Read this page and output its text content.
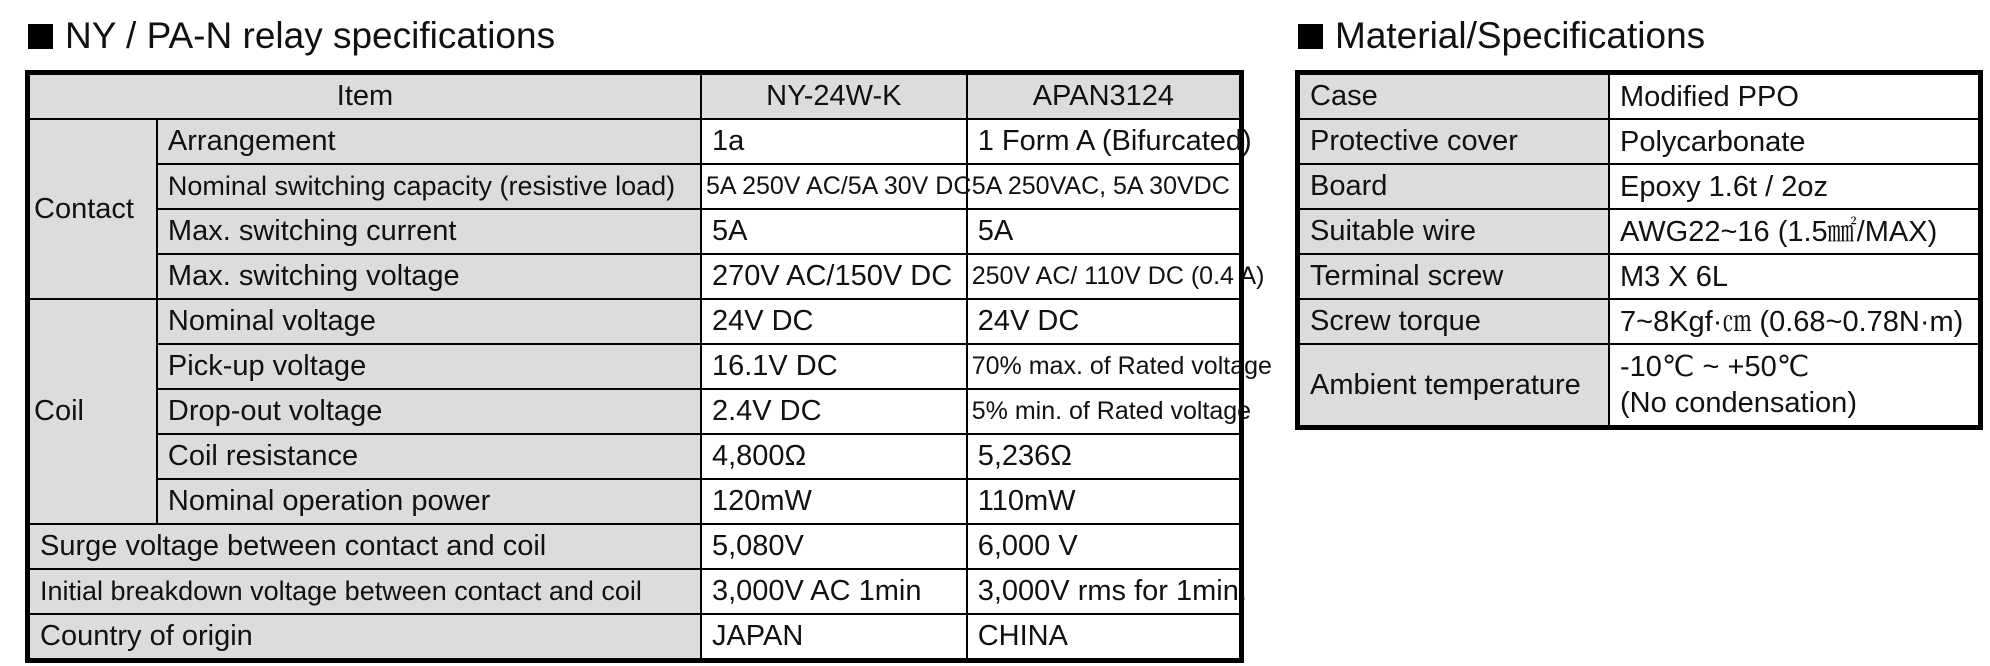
NY / PA-N relay specifications
Item		NY-24W-K	APAN3124
Contact	Arrangement	1a	1 Form A (Bifurcated)
	Nominal switching capacity (resistive load)	5A 250V AC/5A 30V DC	5A 250VAC, 5A 30VDC
	Max. switching current	5A	5A
	Max. switching voltage	270V AC/150V DC	250V AC/ 110V DC (0.4 A)
Coil	Nominal voltage	24V DC	24V DC
	Pick-up voltage	16.1V DC	70% max. of Rated voltage
	Drop-out voltage	2.4V DC	5% min. of Rated voltage
	Coil resistance	4,800Ω	5,236Ω
	Nominal operation power	120mW	110mW
Surge voltage between contact and coil		5,080V	6,000 V
Initial breakdown voltage between contact and coil		3,000V AC 1min	3,000V rms for 1min.
Country of origin		JAPAN	CHINA
Material/Specifications
Case	Modified PPO
Protective cover	Polycarbonate
Board	Epoxy 1.6t / 2oz
Suitable wire	AWG22~16 (1.5㎟/MAX)
Terminal screw	M3 X 6L
Screw torque	7~8Kgf·㎝ (0.68~0.78N·m)
Ambient temperature	-10℃ ~ +50℃
(No condensation)
